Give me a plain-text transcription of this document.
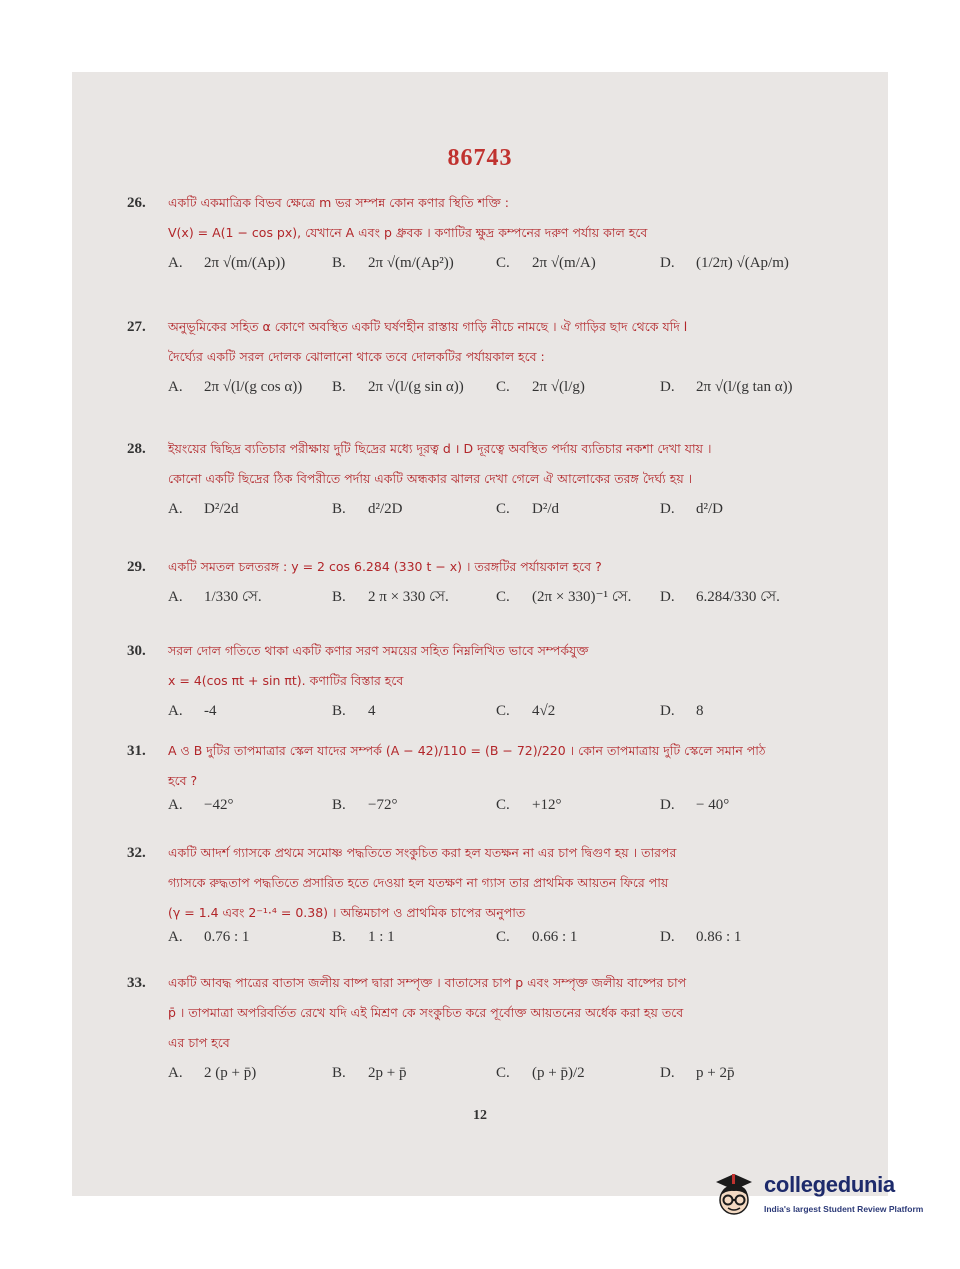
86743
26. একটি একমাত্রিক বিভব ক্ষেত্রে m ভর সম্পন্ন কোন কণার স্থিতি শক্তি :
V(x) = A(1 − cos px), যেখানে A এবং p ধ্রুবক । কণাটির ক্ষুদ্র কম্পনের দরুণ পর্যায় কাল হবে
A. 2π √(m/(Ap))	B. 2π √(m/(Ap²))	C. 2π √(m/A)	D. (1/2π) √(Ap/m)
27. অনুভূমিকের সহিত α কোণে অবস্থিত একটি ঘর্ষণহীন রাস্তায় গাড়ি নীচে নামছে । ঐ গাড়ির ছাদ থেকে যদি l
দৈর্ঘ্যের একটি সরল দোলক ঝোলানো থাকে তবে দোলকটির পর্যায়কাল হবে :
A. 2π √(l/(g cos α)) B. 2π √(l/(g sin α)) C. 2π √(l/g)	D. 2π √(l/(g tan α))
28. ইয়ংয়ের দ্বিছিদ্র ব্যতিচার পরীক্ষায় দুটি ছিদ্রের মধ্যে দূরত্ব d । D দূরত্বে অবস্থিত পর্দায় ব্যতিচার নকশা দেখা যায় ।
কোনো একটি ছিদ্রের ঠিক বিপরীতে পর্দায় একটি অন্ধকার ঝালর দেখা গেলে ঐ আলোকের তরঙ্গ দৈর্ঘ্য হয় ।
A. D²/2d	B. d²/2D	C. D²/d	D. d²/D
29. একটি সমতল চলতরঙ্গ : y = 2 cos 6.284 (330 t − x) । তরঙ্গটির পর্যায়কাল হবে ?
A. 1/330 সে.	B. 2 π × 330 সে.	C. (2π × 330)⁻¹ সে. D. 6.284/330 সে.
30. সরল দোল গতিতে থাকা একটি কণার সরণ সময়ের সহিত নিম্নলিখিত ভাবে সম্পর্কযুক্ত
x = 4(cos πt + sin πt). কণাটির বিস্তার হবে
A. -4	B. 4	C. 4√2	D. 8
31. A ও B দুটির তাপমাত্রার স্কেল যাদের সম্পর্ক (A − 42)/110 = (B − 72)/220 । কোন তাপমাত্রায় দুটি স্কেলে সমান পাঠ
হবে ?
A. −42°	B. −72°	C. +12°	D. − 40°
32. একটি আদর্শ গ্যাসকে প্রথমে সমোষ্ণ পদ্ধতিতে সংকুচিত করা হল যতক্ষন না এর চাপ দ্বিগুণ হয় । তারপর
গ্যাসকে রুদ্ধতাপ পদ্ধতিতে প্রসারিত হতে দেওয়া হল যতক্ষণ না গ্যাস তার প্রাথমিক আয়তন ফিরে পায়
(γ = 1.4 এবং 2⁻¹·⁴ = 0.38) । অন্তিমচাপ ও প্রাথমিক চাপের অনুপাত
A. 0.76 : 1	B. 1 : 1	C. 0.66 : 1	D. 0.86 : 1
33. একটি আবদ্ধ পাত্রের বাতাস জলীয় বাষ্প দ্বারা সম্পৃক্ত । বাতাসের চাপ p এবং সম্পৃক্ত জলীয় বাষ্পের চাপ
p̄ । তাপমাত্রা অপরিবর্তিত রেখে যদি এই মিশ্রণ কে সংকুচিত করে পূর্বোক্ত আয়তনের অর্ধেক করা হয় তবে
এর চাপ হবে
A. 2 (p + p̄)	B. 2p + p̄	C. (p + p̄)/2	D. p + 2p̄
12
collegedunia
India's largest Student Review Platform
